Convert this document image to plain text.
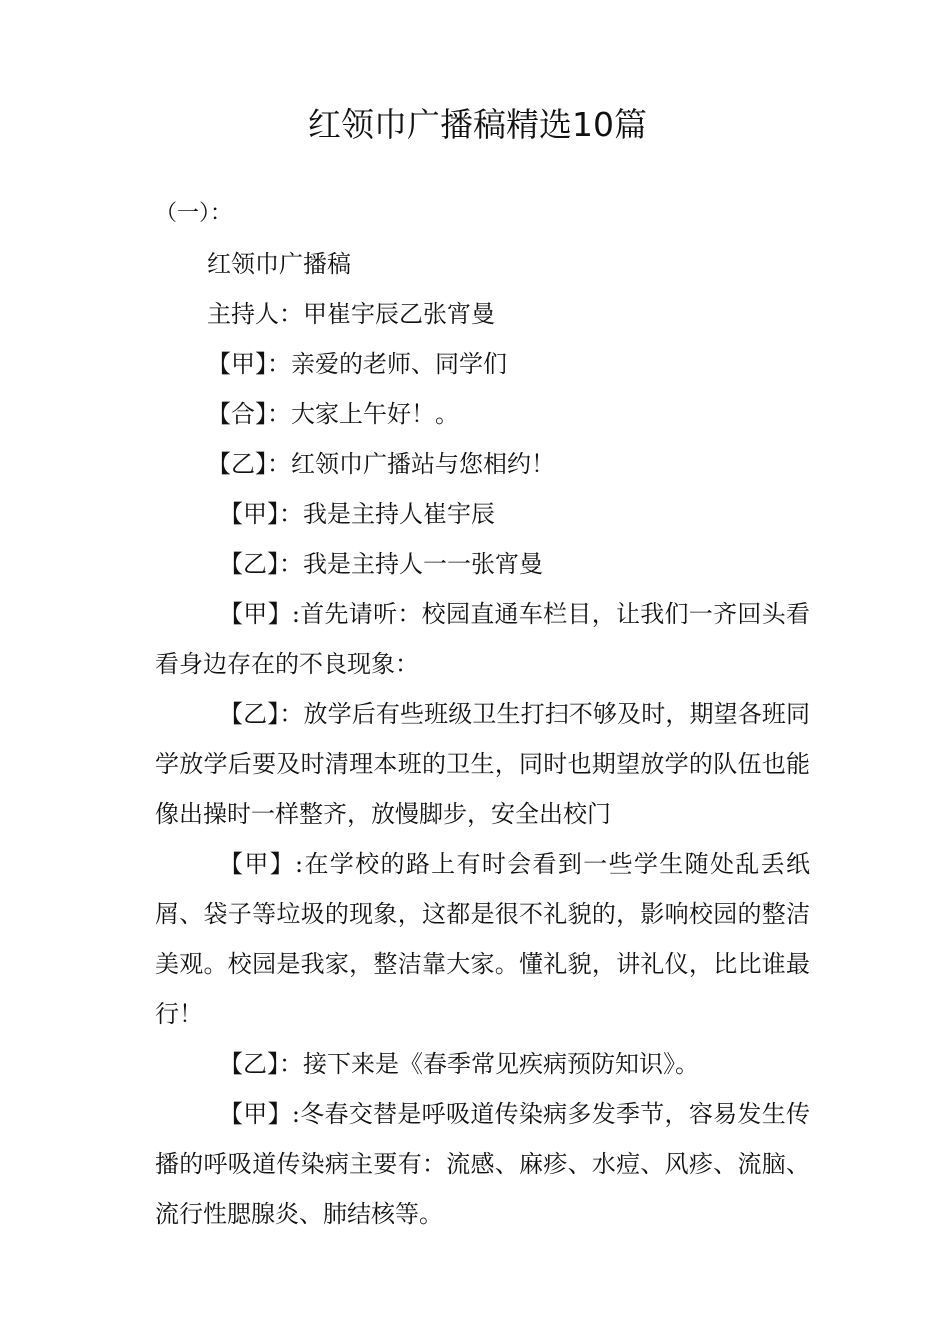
红领巾广播稿精选10篇

（一）：

红领巾广播稿

主持人：甲崔宇辰乙张宵曼

【甲】：亲爱的老师、同学们

【合】：大家上午好！。

【乙】：红领巾广播站与您相约！

【甲】：我是主持人崔宇辰

【乙】：我是主持人一一张宵曼

【甲】:首先请听：校园直通车栏目，让我们一齐回头看看身边存在的不良现象：

【乙】：放学后有些班级卫生打扫不够及时，期望各班同学放学后要及时清理本班的卫生，同时也期望放学的队伍也能像出操时一样整齐，放慢脚步，安全出校门

【甲】:在学校的路上有时会看到一些学生随处乱丢纸屑、袋子等垃圾的现象，这都是很不礼貌的，影响校园的整洁美观。校园是我家，整洁靠大家。懂礼貌，讲礼仪，比比谁最行！

【乙】：接下来是《春季常见疾病预防知识》。

【甲】:冬春交替是呼吸道传染病多发季节，容易发生传播的呼吸道传染病主要有：流感、麻疹、水痘、风疹、流脑、流行性腮腺炎、肺结核等。
